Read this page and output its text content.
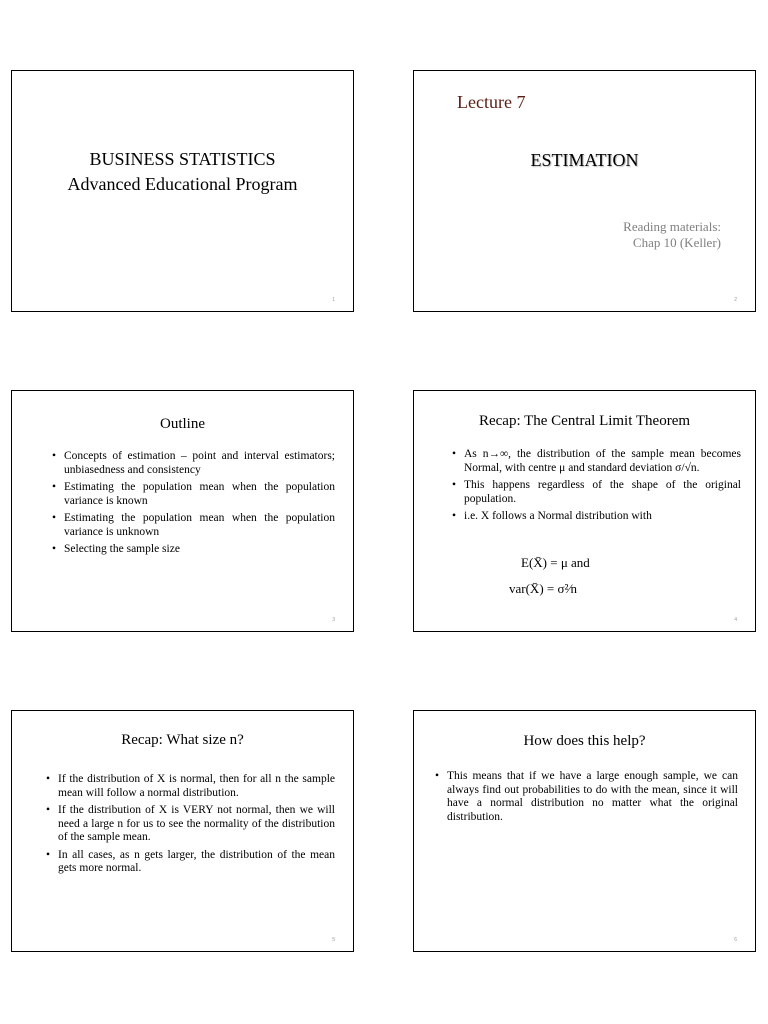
BUSINESS STATISTICS
Advanced Educational Program
1
Lecture 7
ESTIMATION
Reading materials:
Chap 10 (Keller)
2
Outline
• Concepts of estimation – point and interval estimators; unbiasedness and consistency
• Estimating the population mean when the population variance is known
• Estimating the population mean when the population variance is unknown
• Selecting the sample size
3
Recap: The Central Limit Theorem
• As n→∞, the distribution of the sample mean becomes Normal, with centre μ and standard deviation σ/√n.
• This happens regardless of the shape of the original population.
• i.e. X follows a Normal distribution with
E(X̄) = μ and
var(X̄) = σ²⁄n
4
Recap: What size n?
• If the distribution of X is normal, then for all n the sample mean will follow a normal distribution.
• If the distribution of X is VERY not normal, then we will need a large n for us to see the normality of the distribution of the sample mean.
• In all cases, as n gets larger, the distribution of the mean gets more normal.
5
How does this help?
• This means that if we have a large enough sample, we can always find out probabilities to do with the mean, since it will have a normal distribution no matter what the original distribution.
6
